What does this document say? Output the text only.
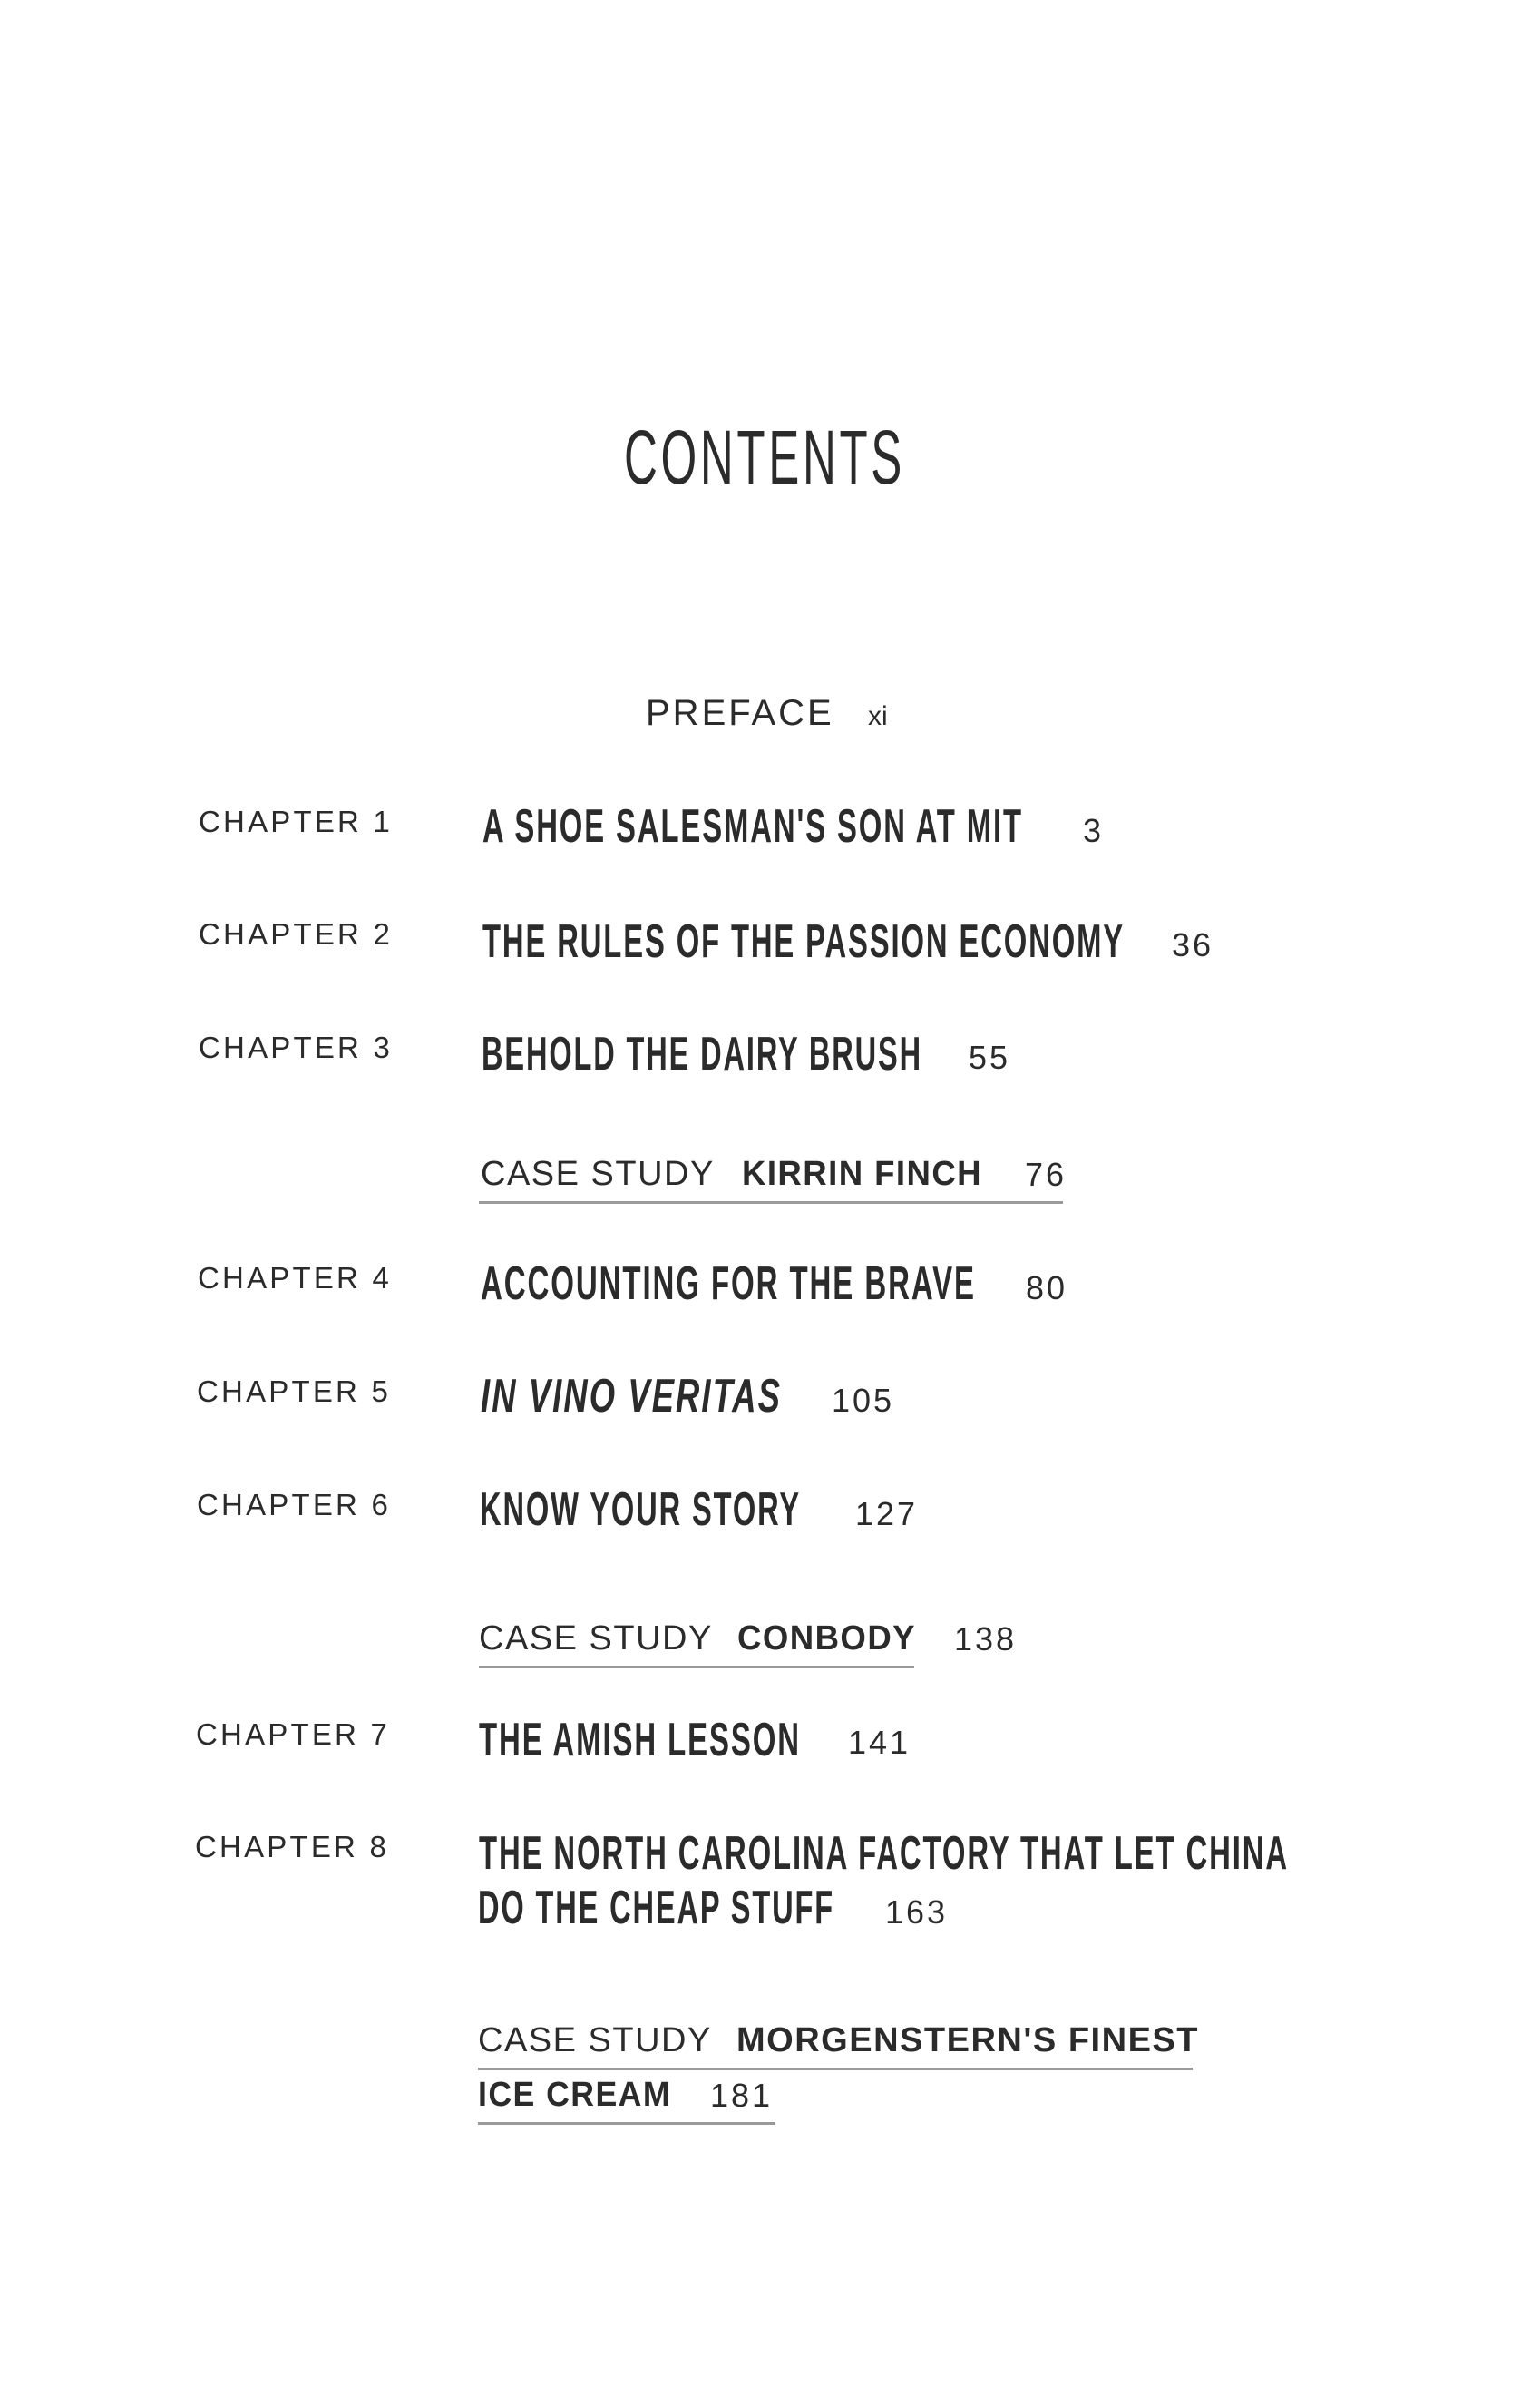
CONTENTS
PREFACE xi
CHAPTER 1 A SHOE SALESMAN'S SON AT MIT 3
CHAPTER 2 THE RULES OF THE PASSION ECONOMY 36
CHAPTER 3 BEHOLD THE DAIRY BRUSH 55
CASE STUDY KIRRIN FINCH 76
CHAPTER 4 ACCOUNTING FOR THE BRAVE 80
CHAPTER 5 IN VINO VERITAS 105
CHAPTER 6 KNOW YOUR STORY 127
CASE STUDY CONBODY 138
CHAPTER 7 THE AMISH LESSON 141
CHAPTER 8 THE NORTH CAROLINA FACTORY THAT LET CHINA
DO THE CHEAP STUFF 163
CASE STUDY MORGENSTERN'S FINEST
ICE CREAM 181
